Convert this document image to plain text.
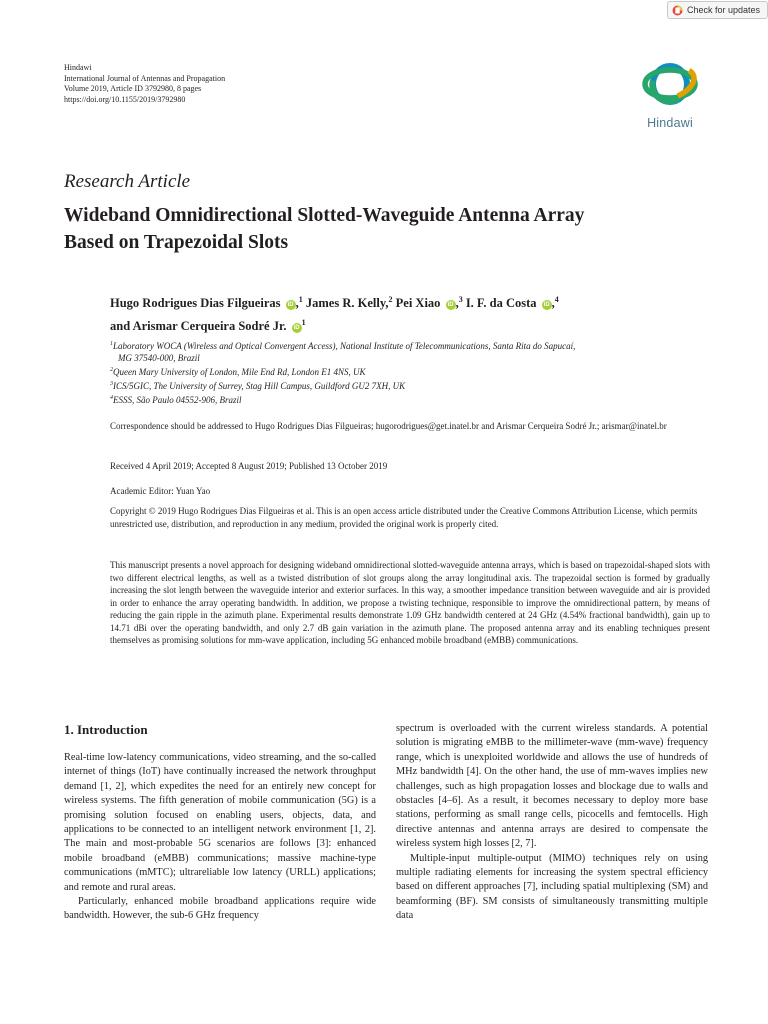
Check for updates
Hindawi
International Journal of Antennas and Propagation
Volume 2019, Article ID 3792980, 8 pages
https://doi.org/10.1155/2019/3792980
Hindawi
Research Article
Wideband Omnidirectional Slotted-Waveguide Antenna Array
Based on Trapezoidal Slots
Hugo Rodrigues Dias Filgueiras iD ,$^1$ James R. Kelly,$^2$ Pei Xiao iD ,$^3$ I. F. da Costa iD ,$^4$
and Arismar Cerqueira Sodré Jr. $iD^1$
$^1$Laboratory WOCA (Wireless and Optical Convergent Access), National Institute of Telecommunications, Santa Rita do Sapucaí,
MG 37540-000, Brazil
$^2$Queen Mary University of London, Mile End Rd, London E1 4NS, UK
$^3$ICS/5GIC, The University of Surrey, Stag Hill Campus, Guildford GU2 7XH, UK
$^4$ESSS, São Paulo 04552-906, Brazil
Correspondence should be addressed to Hugo Rodrigues Dias Filgueiras; hugorodrigues@get.inatel.br and Arismar Cerqueira Sodré Jr.; arismar@inatel.br
Received 4 April 2019; Accepted 8 August 2019; Published 13 October 2019
Academic Editor: Yuan Yao
Copyright © 2019 Hugo Rodrigues Dias Filgueiras et al. This is an open access article distributed under the Creative Commons Attribution License, which permits unrestricted use, distribution, and reproduction in any medium, provided the original work is properly cited.
This manuscript presents a novel approach for designing wideband omnidirectional slotted-waveguide antenna arrays, which is based on trapezoidal-shaped slots with two different electrical lengths, as well as a twisted distribution of slot groups along the array longitudinal axis. The trapezoidal section is formed by gradually increasing the slot length between the waveguide interior and exterior surfaces. In this way, a smoother impedance transition between waveguide and air is provided in order to enhance the array operating bandwidth. In addition, we propose a twisting technique, responsible to improve the omnidirectional pattern, by means of reducing the gain ripple in the azimuth plane. Experimental results demonstrate 1.09 GHz bandwidth centered at 24 GHz (4.54% fractional bandwidth), gain up to 14.71 dBi over the operating bandwidth, and only 2.7 dB gain variation in the azimuth plane. The proposed antenna array and its enabling techniques present themselves as promising solutions for mm-wave application, including 5G enhanced mobile broadband (eMBB) communications.
1. Introduction

Real-time low-latency communications, video streaming, and the so-called internet of things (IoT) have continually increased the network throughput demand [1, 2], which expedites the need for an entirely new concept for wireless systems. The fifth generation of mobile communication (5G) is a promising solution focused on enabling users, objects, data, and applications to be connected to an intelligent network environment [1, 2]. The main and most-probable 5G scenarios are follows [3]: enhanced mobile broadband (eMBB) communications; massive machine-type communications (mMTC); ultrareliable low latency (URLL) applications; and remote and rural areas.

Particularly, enhanced mobile broadband applications require wide bandwidth. However, the sub-6 GHz frequency

spectrum is overloaded with the current wireless standards. A potential solution is migrating eMBB to the millimeter-wave (mm-wave) frequency range, which is unexploited worldwide and allows the use of hundreds of MHz bandwidth [4]. On the other hand, the use of mm-waves implies new challenges, such as high propagation losses and blockage due to walls and obstacles [4–6]. As a result, it becomes necessary to deploy more base stations, performing as small range cells, picocells and femtocells. High directive antennas and antenna arrays are desired to compensate the wireless system high losses [2, 7].

Multiple-input multiple-output (MIMO) techniques rely on using multiple radiating elements for increasing the system spectral efficiency based on different approaches [7], including spatial multiplexing (SM) and beamforming (BF). SM consists of simultaneously transmitting multiple data
